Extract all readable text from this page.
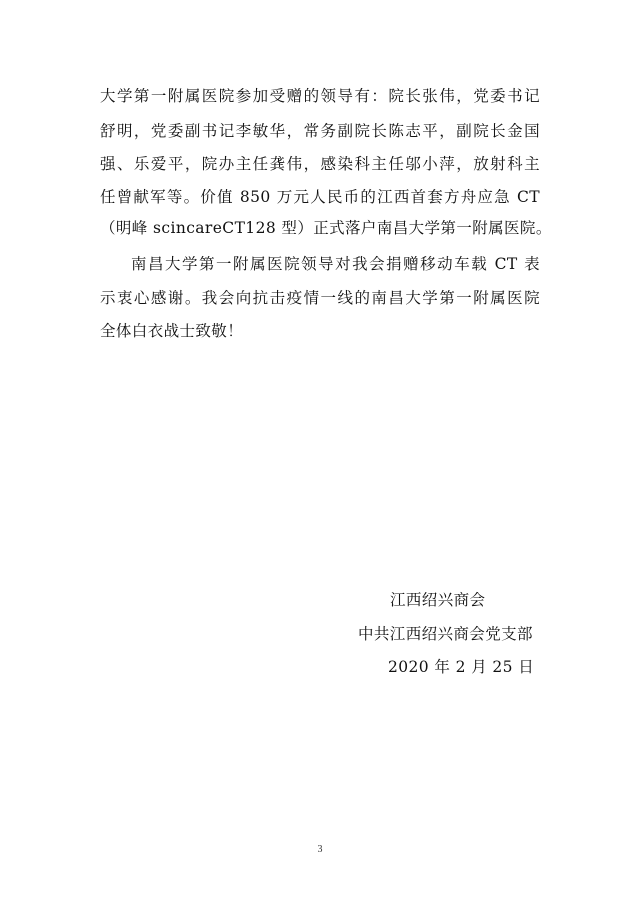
大学第一附属医院参加受赠的领导有：院长张伟，党委书记
舒明，党委副书记李敏华，常务副院长陈志平，副院长金国
强、乐爱平，院办主任龚伟，感染科主任邬小萍，放射科主
任曾献军等。价值 850 万元人民币的江西首套方舟应急 CT
（明峰 scincareCT128 型）正式落户南昌大学第一附属医院。
南昌大学第一附属医院领导对我会捐赠移动车载 CT 表
示衷心感谢。我会向抗击疫情一线的南昌大学第一附属医院
全体白衣战士致敬！
江西绍兴商会
中共江西绍兴商会党支部
2020 年 2 月 25 日
3
